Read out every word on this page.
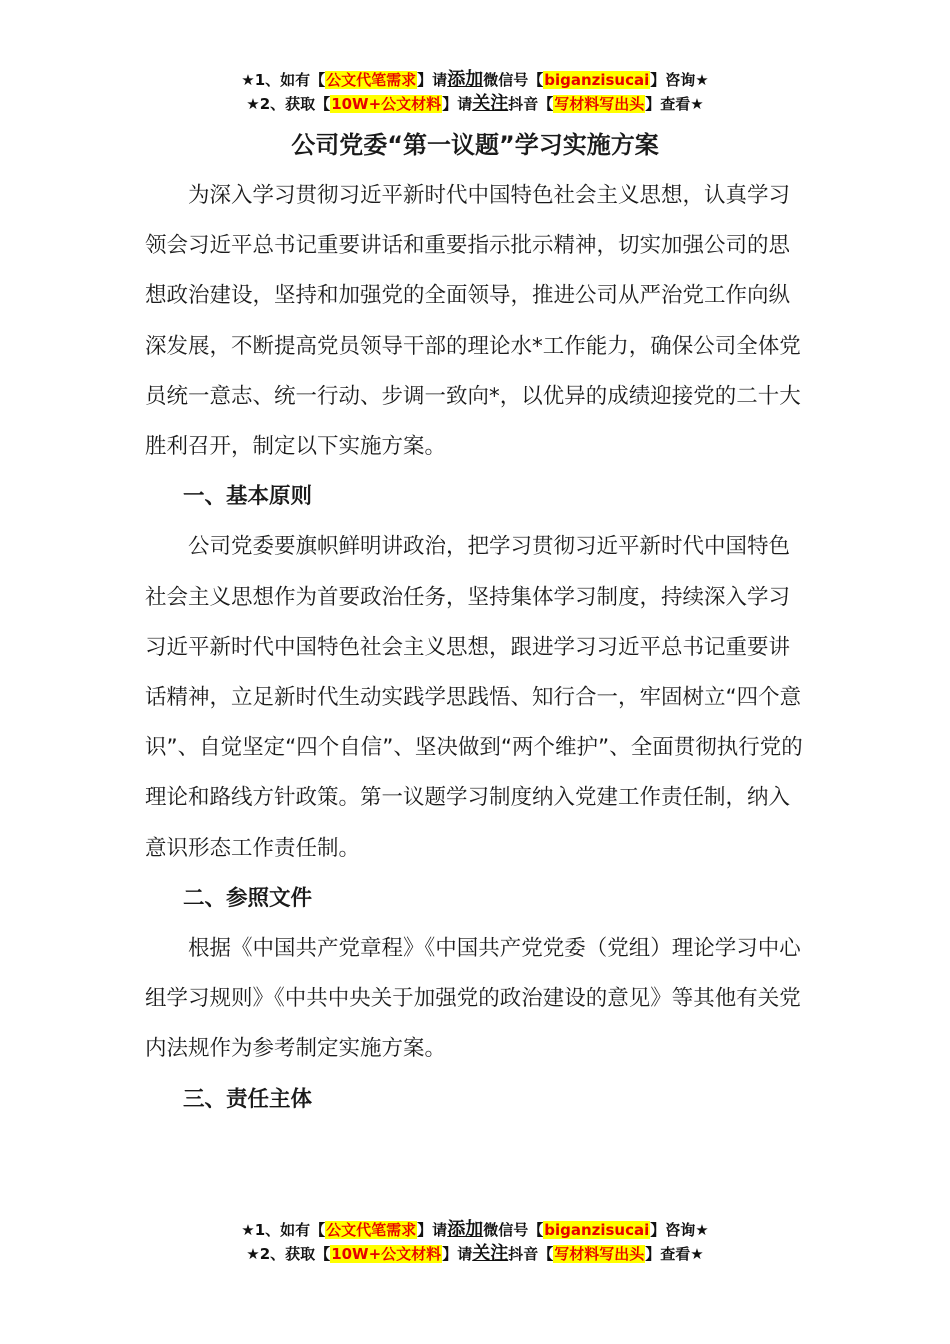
★1、如有【公文代笔需求】请添加微信号【biganzisucai】咨询★
★2、获取【10W+公文材料】请关注抖音【写材料写出头】查看★
公司党委“第一议题”学习实施方案

为深入学习贯彻习近平新时代中国特色社会主义思想，认真学习领会习近平总书记重要讲话和重要指示批示精神，切实加强公司的思想政治建设，坚持和加强党的全面领导，推进公司从严治党工作向纵深发展，不断提高党员领导干部的理论水*工作能力，确保公司全体党员统一意志、统一行动、步调一致向*，以优异的成绩迎接党的二十大胜利召开，制定以下实施方案。

一、基本原则

公司党委要旗帜鲜明讲政治，把学习贯彻习近平新时代中国特色社会主义思想作为首要政治任务，坚持集体学习制度，持续深入学习习近平新时代中国特色社会主义思想，跟进学习习近平总书记重要讲话精神，立足新时代生动实践学思践悟、知行合一，牢固树立“四个意识”、自觉坚定“四个自信”、坚决做到“两个维护”、全面贯彻执行党的理论和路线方针政策。第一议题学习制度纳入党建工作责任制，纳入意识形态工作责任制。

二、参照文件

根据《中国共产党章程》《中国共产党党委（党组）理论学习中心组学习规则》《中共中央关于加强党的政治建设的意见》等其他有关党内法规作为参考制定实施方案。

三、责任主体
★1、如有【公文代笔需求】请添加微信号【biganzisucai】咨询★
★2、获取【10W+公文材料】请关注抖音【写材料写出头】查看★
